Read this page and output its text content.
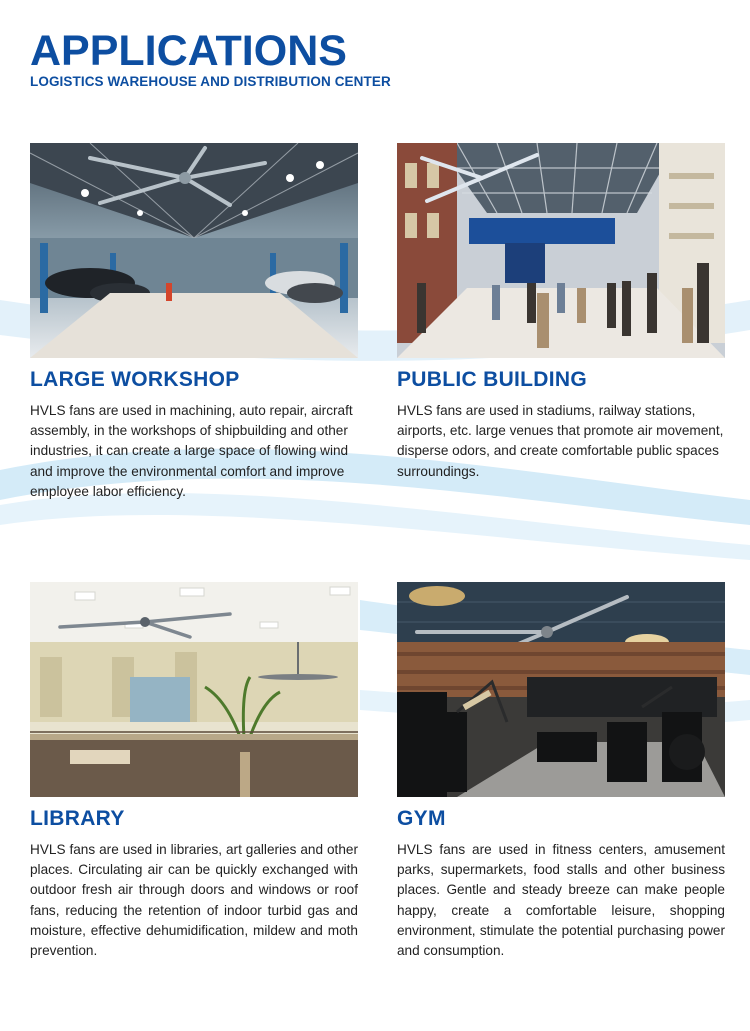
APPLICATIONS
LOGISTICS WAREHOUSE AND DISTRIBUTION CENTER
LARGE WORKSHOP
HVLS fans are used in machining, auto repair, aircraft assembly, in the workshops of shipbuilding and other industries, it can create a large space of flowing wind and improve the environmental comfort and improve employee labor efficiency.
PUBLIC BUILDING
HVLS fans are used in stadiums, railway stations, airports, etc. large venues that promote air movement, disperse odors, and create comfortable public spaces surroundings.
LIBRARY
HVLS fans are used in libraries, art galleries and other places. Circulating air can be quickly exchanged with outdoor fresh air through doors and windows or roof fans, reducing the retention of indoor turbid gas and moisture, effective dehumidification, mildew and moth prevention.
GYM
HVLS fans are used in fitness centers, amusement parks, supermarkets, food stalls and other business places. Gentle and steady breeze can make people happy, create a comfortable leisure, shopping environment, stimulate the potential purchasing power and consumption.
